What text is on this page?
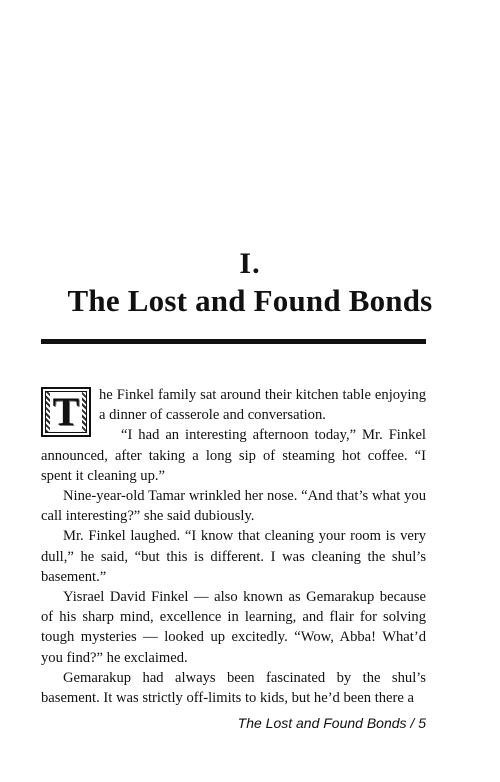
I.
The Lost and Found Bonds

T he Finkel family sat around their kitchen table enjoying a dinner of casserole and conversation.

“I had an interesting afternoon today,” Mr. Finkel announced, after taking a long sip of steaming hot coffee. “I spent it cleaning up.”

Nine-year-old Tamar wrinkled her nose. “And that’s what you call interesting?” she said dubiously.

Mr. Finkel laughed. “I know that cleaning your room is very dull,” he said, “but this is different. I was cleaning the shul’s basement.”

Yisrael David Finkel — also known as Gemarakup because of his sharp mind, excellence in learning, and flair for solving tough mysteries — looked up excitedly. “Wow, Abba! What’d you find?” he exclaimed.

Gemarakup had always been fascinated by the shul’s basement. It was strictly off-limits to kids, but he’d been there a

The Lost and Found Bonds / 5
